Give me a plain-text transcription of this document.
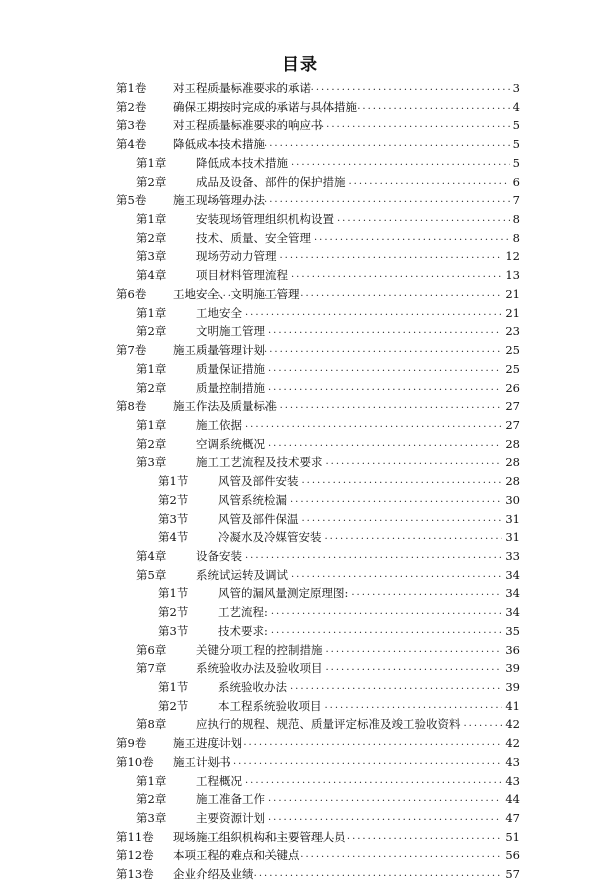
目录
第1卷	对工程质量标准要求的承诺 .....	3
第2卷	确保工期按时完成的承诺与具体措施 .....	4
第3卷	对工程质量标准要求的响应书 .....	5
第4卷	降低成本技术措施 .....	5
第1章	降低成本技术措施 .....	5
第2章	成品及设备、部件的保护措施 .....	6
第5卷	施工现场管理办法 .....	7
第1章	安装现场管理组织机构设置 .....	8
第2章	技术、质量、安全管理 .....	8
第3章	现场劳动力管理 .....	12
第4章	项目材料管理流程 .....	13
第6卷	工地安全、文明施工管理 .....	21
第1章	工地安全 .....	21
第2章	文明施工管理 .....	23
第7卷	施工质量管理计划 .....	25
第1章	质量保证措施 .....	25
第2章	质量控制措施 .....	26
第8卷	施工作法及质量标准 .....	27
第1章	施工依据 .....	27
第2章	空调系统概况 .....	28
第3章	施工工艺流程及技术要求 .....	28
第1节	风管及部件安装 .....	28
第2节	风管系统检漏 .....	30
第3节	风管及部件保温 .....	31
第4节	冷凝水及冷媒管安装 .....	31
第4章	设备安装 .....	33
第5章	系统试运转及调试 .....	34
第1节	风管的漏风量测定原理图: .....	34
第2节	工艺流程: .....	34
第3节	技术要求: .....	35
第6章	关键分项工程的控制措施 .....	36
第7章	系统验收办法及验收项目 .....	39
第1节	系统验收办法 .....	39
第2节	本工程系统验收项目 .....	41
第8章	应执行的规程、规范、质量评定标准及竣工验收资料 .....	42
第9卷	施工进度计划 .....	42
第10卷	施工计划书 .....	43
第1章	工程概况 .....	43
第2章	施工准备工作 .....	44
第3章	主要资源计划 .....	47
第11卷	现场施工组织机构和主要管理人员 .....	51
第12卷	本项工程的难点和关键点 .....	56
第13卷	企业介绍及业绩 .....	57
